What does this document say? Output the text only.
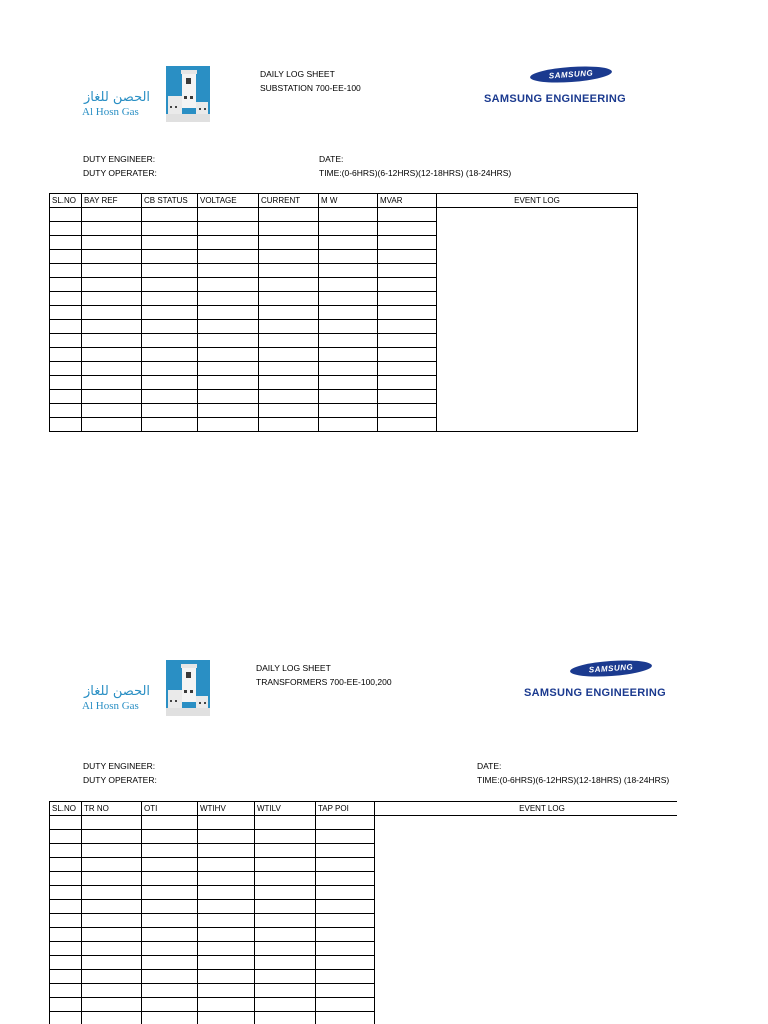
الحصن للغاز
Al Hosn Gas
DAILY LOG SHEET
SUBSTATION 700-EE-100
SAMSUNG
SAMSUNG ENGINEERING
DUTY ENGINEER:
DUTY OPERATER:
DATE:
TIME:(0-6HRS)(6-12HRS)(12-18HRS) (18-24HRS)
SL.NO	BAY REF	CB STATUS	VOLTAGE	CURRENT	M W	MVAR	EVENT LOG

الحصن للغاز
Al Hosn Gas
DAILY LOG SHEET
TRANSFORMERS 700-EE-100,200
SAMSUNG
SAMSUNG ENGINEERING
DUTY ENGINEER:
DUTY OPERATER:
DATE:
TIME:(0-6HRS)(6-12HRS)(12-18HRS) (18-24HRS)
SL.NO	TR NO	OTI	WTIHV	WTILV	TAP POI	EVENT LOG
